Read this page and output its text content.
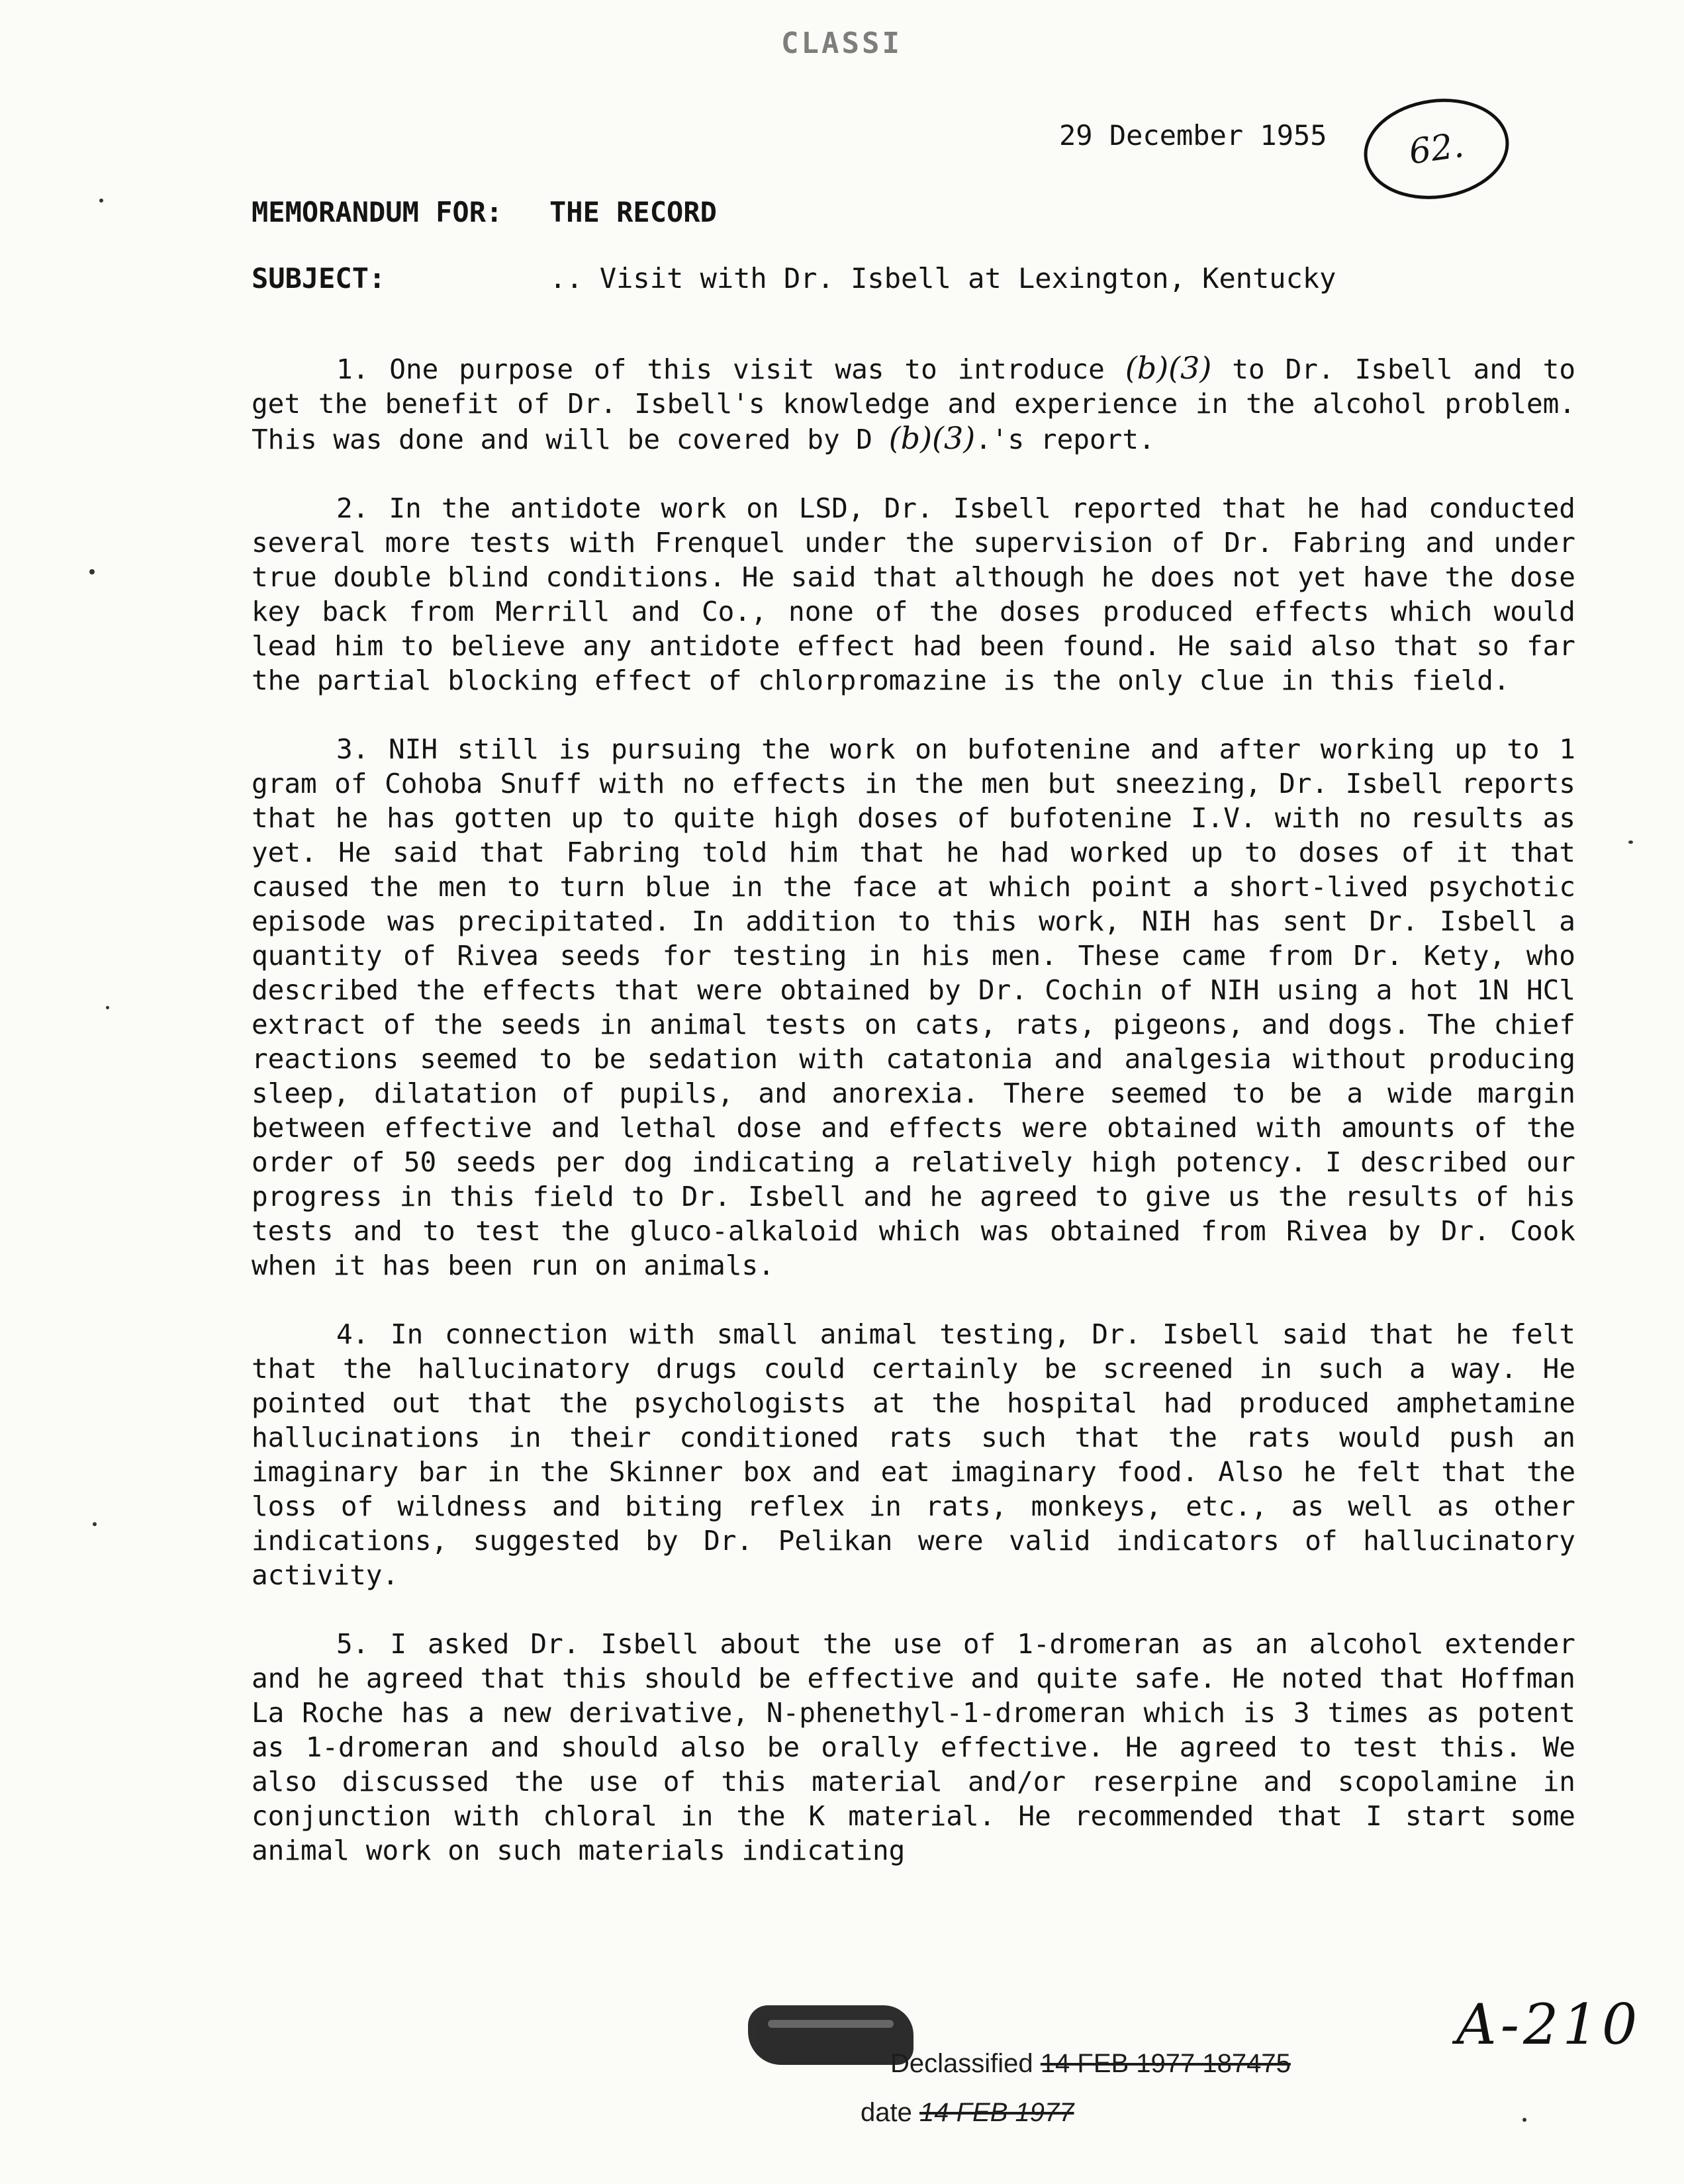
CLASSI
29 December 1955 62.
MEMORANDUM FOR: THE RECORD
SUBJECT:	.. Visit with Dr. Isbell at Lexington, Kentucky

1. One purpose of this visit was to introduce (b)(3) to Dr. Isbell and to get the benefit of Dr. Isbell's knowledge and experience in the alcohol problem. This was done and will be covered by D (b)(3).'s report.

2. In the antidote work on LSD, Dr. Isbell reported that he had conducted several more tests with Frenquel under the supervision of Dr. Fabring and under true double blind conditions. He said that although he does not yet have the dose key back from Merrill and Co., none of the doses produced effects which would lead him to believe any antidote effect had been found. He said also that so far the partial blocking effect of chlorpromazine is the only clue in this field.

3. NIH still is pursuing the work on bufotenine and after working up to 1 gram of Cohoba Snuff with no effects in the men but sneezing, Dr. Isbell reports that he has gotten up to quite high doses of bufotenine I.V. with no results as yet. He said that Fabring told him that he had worked up to doses of it that caused the men to turn blue in the face at which point a short-lived psychotic episode was precipitated. In addition to this work, NIH has sent Dr. Isbell a quantity of Rivea seeds for testing in his men. These came from Dr. Kety, who described the effects that were obtained by Dr. Cochin of NIH using a hot 1N HCl extract of the seeds in animal tests on cats, rats, pigeons, and dogs. The chief reactions seemed to be sedation with catatonia and analgesia without producing sleep, dilatation of pupils, and anorexia. There seemed to be a wide margin between effective and lethal dose and effects were obtained with amounts of the order of 50 seeds per dog indicating a relatively high potency. I described our progress in this field to Dr. Isbell and he agreed to give us the results of his tests and to test the gluco-alkaloid which was obtained from Rivea by Dr. Cook when it has been run on animals.

4. In connection with small animal testing, Dr. Isbell said that he felt that the hallucinatory drugs could certainly be screened in such a way. He pointed out that the psychologists at the hospital had produced amphetamine hallucinations in their conditioned rats such that the rats would push an imaginary bar in the Skinner box and eat imaginary food. Also he felt that the loss of wildness and biting reflex in rats, monkeys, etc., as well as other indications, suggested by Dr. Pelikan were valid indicators of hallucinatory activity.

5. I asked Dr. Isbell about the use of 1-dromeran as an alcohol extender and he agreed that this should be effective and quite safe. He noted that Hoffman La Roche has a new derivative, N-phenethyl-1-dromeran which is 3 times as potent as 1-dromeran and should also be orally effective. He agreed to test this. We also discussed the use of this material and/or reserpine and scopolamine in conjunction with chloral in the K material. He recommended that I start some animal work on such materials indicating

Declassified 14 FEB 1977 187475
date 14 FEB 1977
A-210
